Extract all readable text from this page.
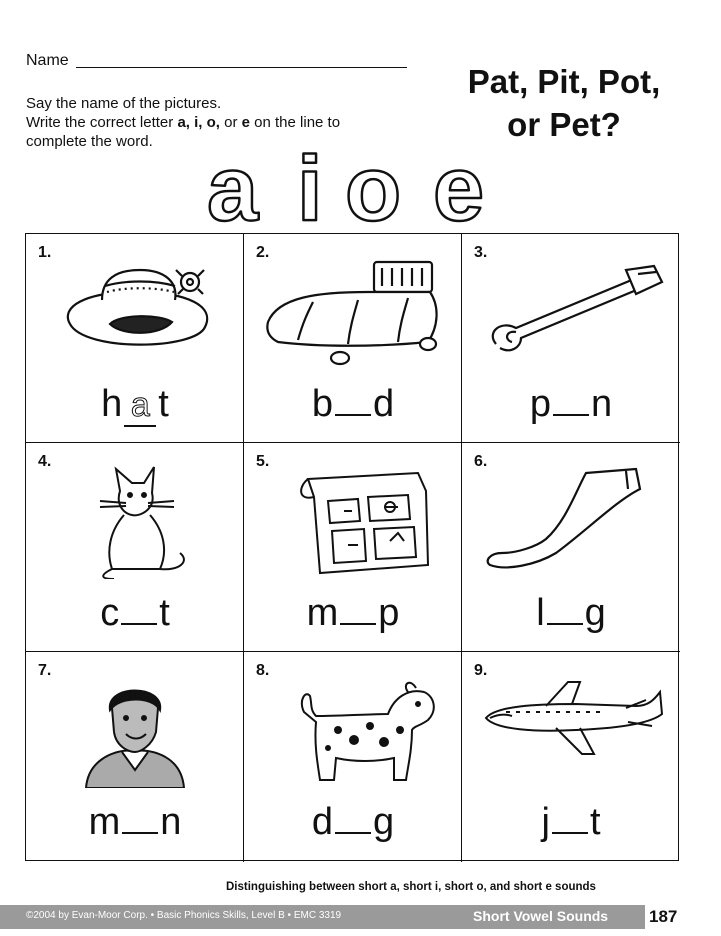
Name
Pat, Pit, Pot,
or Pet?
Say the name of the pictures.
Write the correct letter a, i, o, or e on the line to
complete the word. a i o e
1.
h a t
2.
b d
3.
p n
4.
c t
5.
m p
6.
l g
7.
m n
8.
d g
9.
j t
Distinguishing between short a, short i, short o, and short e sounds
©2004 by Evan-Moor Corp. • Basic Phonics Skills, Level B • EMC 3319	Short Vowel Sounds 187
